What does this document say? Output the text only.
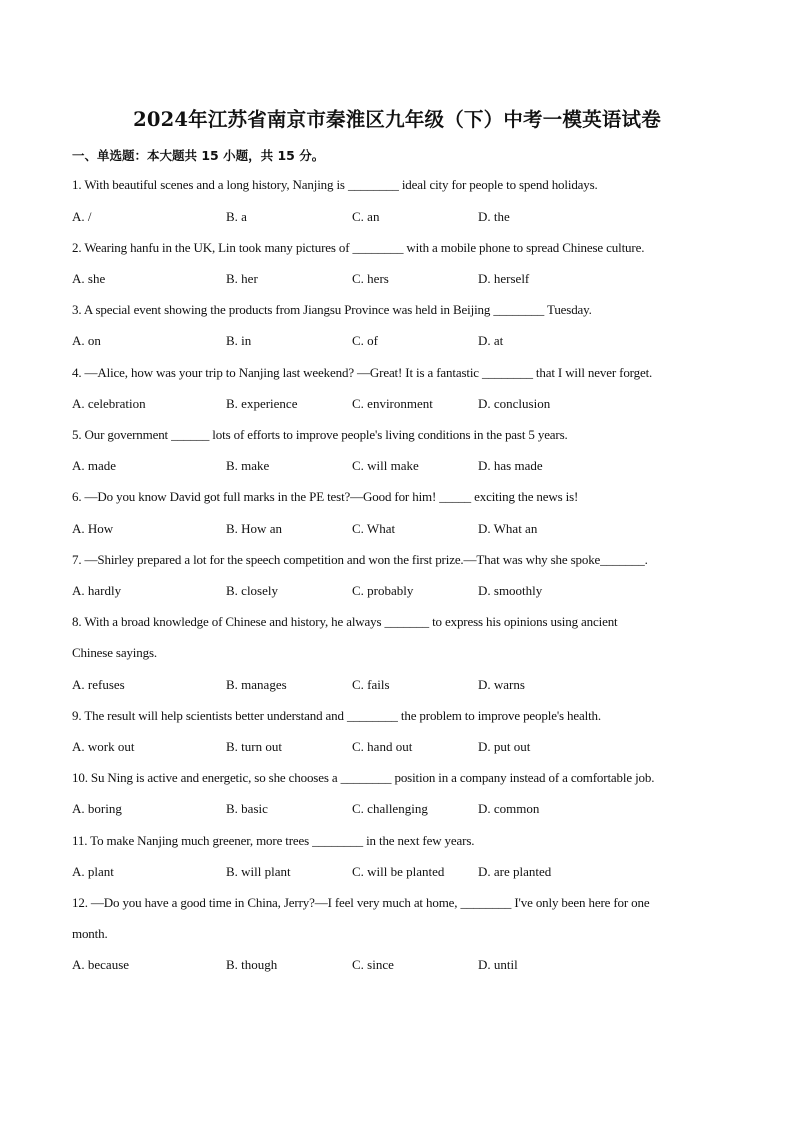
2024年江苏省南京市秦淮区九年级（下）中考一模英语试卷
一、单选题：本大题共 15 小题，共 15 分。
1. With beautiful scenes and a long history, Nanjing is ________ ideal city for people to spend holidays.
A. /	B. a	C. an	D. the
2. Wearing hanfu in the UK, Lin took many pictures of ________ with a mobile phone to spread Chinese culture.
A. she	B. her	C. hers	D. herself
3. A special event showing the products from Jiangsu Province was held in Beijing ________ Tuesday.
A. on	B. in	C. of	D. at
4. —Alice, how was your trip to Nanjing last weekend? —Great! It is a fantastic ________ that I will never forget.
A. celebration	B. experience	C. environment	D. conclusion
5. Our government ______ lots of efforts to improve people's living conditions in the past 5 years.
A. made	B. make	C. will make	D. has made
6. —Do you know David got full marks in the PE test?—Good for him! _____ exciting the news is!
A. How	B. How an	C. What	D. What an
7. —Shirley prepared a lot for the speech competition and won the first prize.—That was why she spoke_______.
A. hardly	B. closely	C. probably	D. smoothly
8. With a broad knowledge of Chinese and history, he always _______ to express his opinions using ancient
Chinese sayings.
A. refuses	B. manages	C. fails	D. warns
9. The result will help scientists better understand and ________ the problem to improve people's health.
A. work out	B. turn out	C. hand out	D. put out
10. Su Ning is active and energetic, so she chooses a ________ position in a company instead of a comfortable job.
A. boring	B. basic	C. challenging	D. common
11. To make Nanjing much greener, more trees ________ in the next few years.
A. plant	B. will plant	C. will be planted	D. are planted
12. —Do you have a good time in China, Jerry?—I feel very much at home, ________ I've only been here for one
month.
A. because	B. though	C. since	D. until
